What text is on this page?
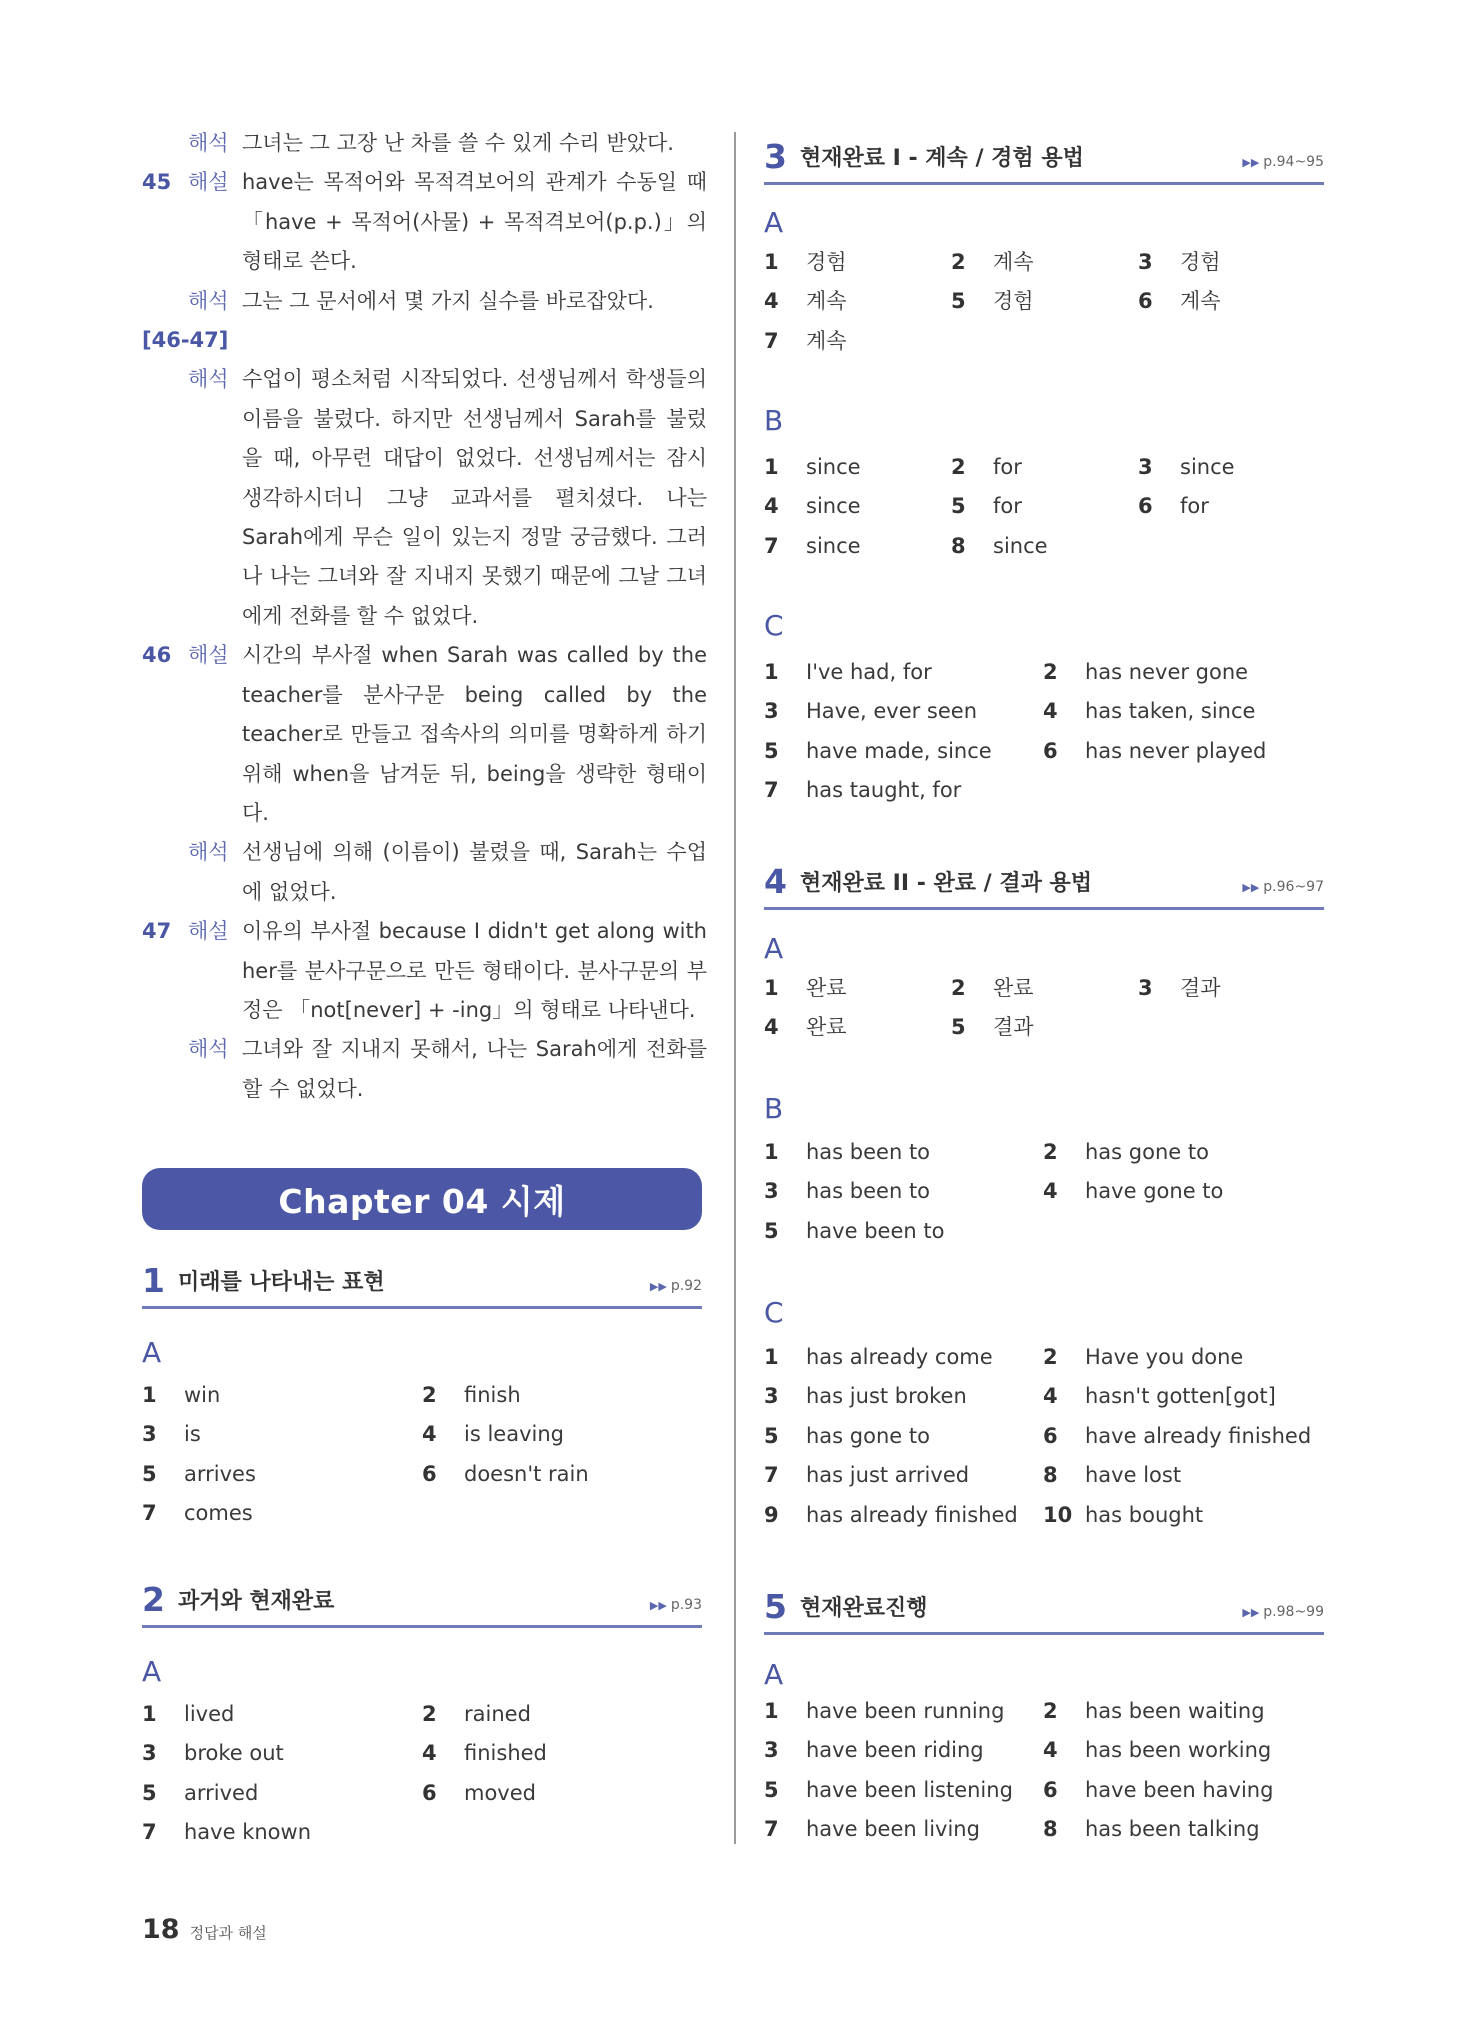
해석 그녀는 그 고장 난 차를 쓸 수 있게 수리 받았다.
45 해설 have는 목적어와 목적격보어의 관계가 수동일 때 「have + 목적어(사물) + 목적격보어(p.p.)」의 형태로 쓴다.
해석 그는 그 문서에서 몇 가지 실수를 바로잡았다.
[46-47]
해석 수업이 평소처럼 시작되었다. 선생님께서 학생들의 이름을 불렀다. 하지만 선생님께서 Sarah를 불렀을 때, 아무런 대답이 없었다. 선생님께서는 잠시 생각하시더니 그냥 교과서를 펼치셨다. 나는 Sarah에게 무슨 일이 있는지 정말 궁금했다. 그러나 나는 그녀와 잘 지내지 못했기 때문에 그날 그녀에게 전화를 할 수 없었다.
46 해설 시간의 부사절 when Sarah was called by the teacher를 분사구문 being called by the teacher로 만들고 접속사의 의미를 명확하게 하기 위해 when을 남겨둔 뒤, being을 생략한 형태이다.
해석 선생님에 의해 (이름이) 불렸을 때, Sarah는 수업에 없었다.
47 해설 이유의 부사절 because I didn't get along with her를 분사구문으로 만든 형태이다. 분사구문의 부정은 「not[never] + -ing」의 형태로 나타낸다.
해석 그녀와 잘 지내지 못해서, 나는 Sarah에게 전화를 할 수 없었다.
Chapter 04 시제
1 미래를 나타내는 표현	▶▶ p.92
A
2 과거와 현재완료	▶▶ p.93
A
3 현재완료 I - 계속 / 경험 용법	▶▶ p.94~95
A
B
C
4 현재완료 II - 완료 / 결과 용법	▶▶ p.96~97
A
B
C
5 현재완료진행	▶▶ p.98~99
A
18 정답과 해설
1	win	2	finish
3	is	4	is leaving
5	arrives	6	doesn't rain
7	comes
1	lived	2	rained
3	broke out	4	finished
5	arrived	6	moved
7	have known
1	경험	2	계속	3	경험
4	계속	5	경험	6	계속
7	계속
1	since	2	for	3	since
4	since	5	for	6	for
7	since	8	since
1	I've had, for	2	has never gone
3	Have, ever seen	4	has taken, since
5	have made, since 6	has never played
7	has taught, for
1	완료	2	완료	3	결과
4	완료	5	결과
1	has been to	2	has gone to
3	has been to	4	have gone to
5	have been to
1	has already come 2	Have you done
3	has just broken	4	hasn't gotten[got]
5	has gone to	6	have already finished
7	has just arrived	8	have lost
9	has already finished 10 has bought
1	have been running 2	has been waiting
3	have been riding	4	has been working
5	have been listening 6	have been having
7	have been living	8	has been talking
